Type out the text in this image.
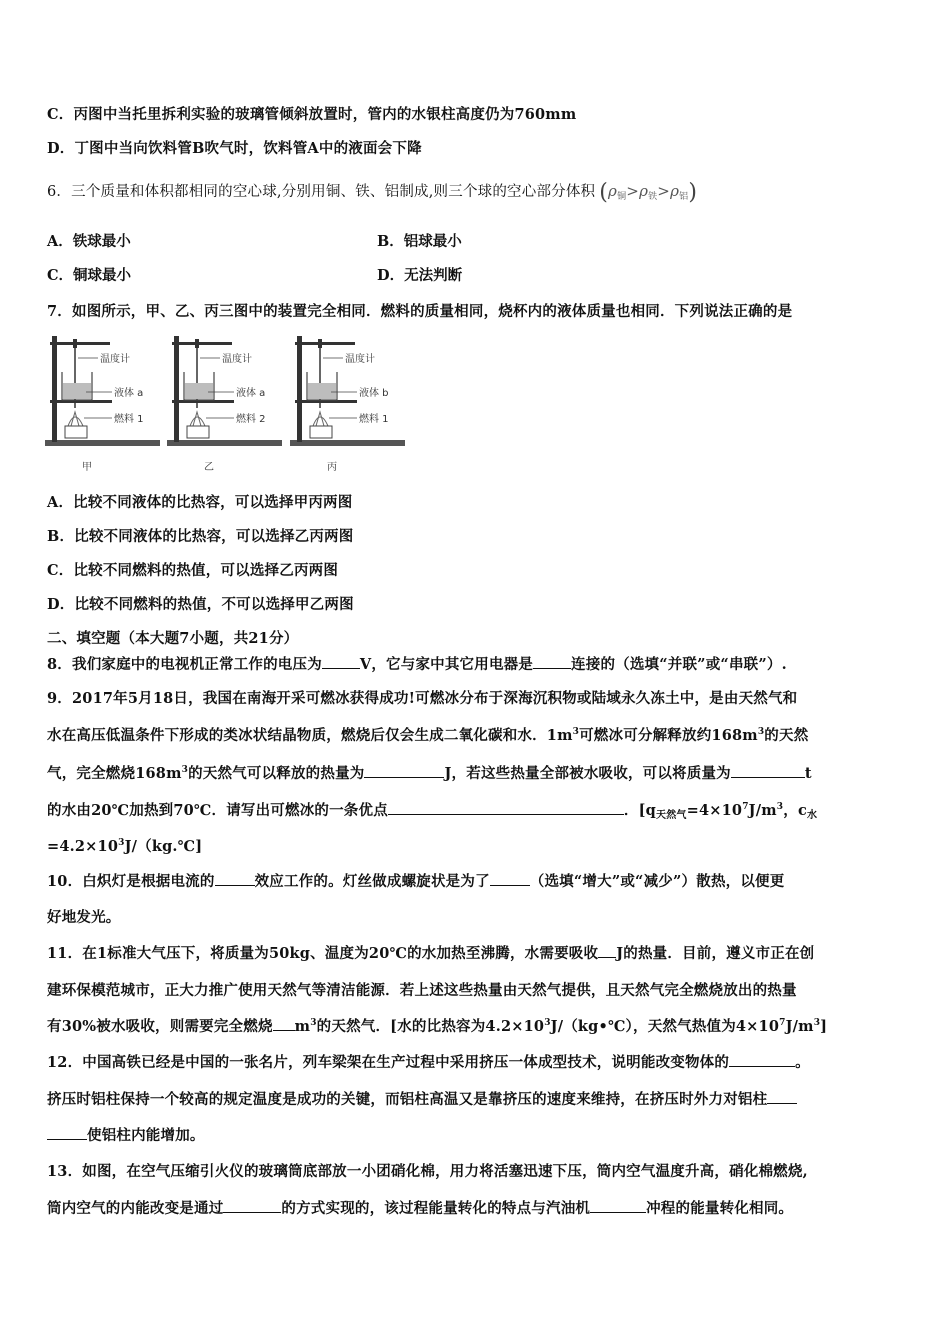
C．丙图中当托里拆利实验的玻璃管倾斜放置时，管内的水银柱高度仍为760mm
D．丁图中当向饮料管B吹气时，饮料管A中的液面会下降
6．三个质量和体积都相同的空心球,分别用铜、铁、铝制成,则三个球的空心部分体积 $(\rho_铜>\rho_铁>\rho_铝)$
A．铁球最小	B．铝球最小
C．铜球最小	D．无法判断
7．如图所示，甲、乙、丙三图中的装置完全相同．燃料的质量相同，烧杯内的液体质量也相同．下列说法正确的是
温度计
液体 a
燃料 1
甲
温度计
液体 a
燃料 2
乙
温度计
液体 b
燃料 1
丙
A．比较不同液体的比热容，可以选择甲丙两图
B．比较不同液体的比热容，可以选择乙丙两图
C．比较不同燃料的热值，可以选择乙丙两图
D．比较不同燃料的热值，不可以选择甲乙两图
二、填空题（本大题7小题，共21分）
8．我们家庭中的电视机正常工作的电压为	V，它与家中其它用电器是	连接的（选填“并联”或“串联”）.
9．2017年5月18日，我国在南海开采可燃冰获得成功!可燃冰分布于深海沉积物或陆域永久冻土中，是由天然气和
水在高压低温条件下形成的类冰状结晶物质，燃烧后仅会生成二氧化碳和水．$1m^3$可燃冰可分解释放约$168m^3$的天然
气，完全燃烧$168m^3$的天然气可以释放的热量为	J，若这些热量全部被水吸收，可以将质量为	t
的水由20℃加热到70℃．请写出可燃冰的一条优点	．[$q_{天然气}=4\times 10^7J/m^3$，$c_水$
$=4.2\times 10^3J/(kg.℃]$
10．白炽灯是根据电流的	效应工作的。灯丝做成螺旋状是为了	（选填“增大”或“减少”）散热，以便更
好地发光。
11．在1标准大气压下，将质量为50kg、温度为20℃的水加热至沸腾，水需要吸收 J的热量．目前，遵义市正在创
建环保模范城市，正大力推广使用天然气等清洁能源．若上述这些热量由天然气提供，且天然气完全燃烧放出的热量
有30%被水吸收，则需要完全燃烧 $m^3$的天然气．[水的比热容为$4.2\times 10^3J/(kg•℃)$，天然气热值为$4\times 10^7J/m^3$]
12．中国高铁已经是中国的一张名片，列车梁架在生产过程中采用挤压一体成型技术，说明能改变物体的	。
挤压时铝柱保持一个较高的规定温度是成功的关键，而铝柱高温又是靠挤压的速度来维持，在挤压时外力对铝柱
使铝柱内能增加。
13．如图，在空气压缩引火仪的玻璃筒底部放一小团硝化棉，用力将活塞迅速下压，筒内空气温度升高，硝化棉燃烧,
筒内空气的内能改变是通过	的方式实现的，该过程能量转化的特点与汽油机	冲程的能量转化相同。
